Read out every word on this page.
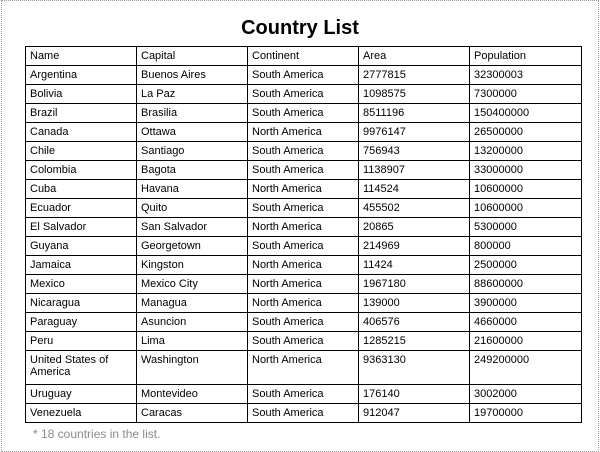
Country List
Name	Capital	Continent	Area	Population
Argentina	Buenos Aires	South America	2777815	32300003
Bolivia	La Paz	South America	1098575	7300000
Brazil	Brasilia	South America	8511196	150400000
Canada	Ottawa	North America	9976147	26500000
Chile	Santiago	South America	756943	13200000
Colombia	Bagota	South America	1138907	33000000
Cuba	Havana	North America	114524	10600000
Ecuador	Quito	South America	455502	10600000
El Salvador	San Salvador	North America	20865	5300000
Guyana	Georgetown	South America	214969	800000
Jamaica	Kingston	North America	11424	2500000
Mexico	Mexico City	North America	1967180	88600000
Nicaragua	Managua	North America	139000	3900000
Paraguay	Asuncion	South America	406576	4660000
Peru	Lima	South America	1285215	21600000
United States of America	Washington	North America	9363130	249200000
Uruguay	Montevideo	South America	176140	3002000
Venezuela	Caracas	South America	912047	19700000
* 18 countries in the list.
